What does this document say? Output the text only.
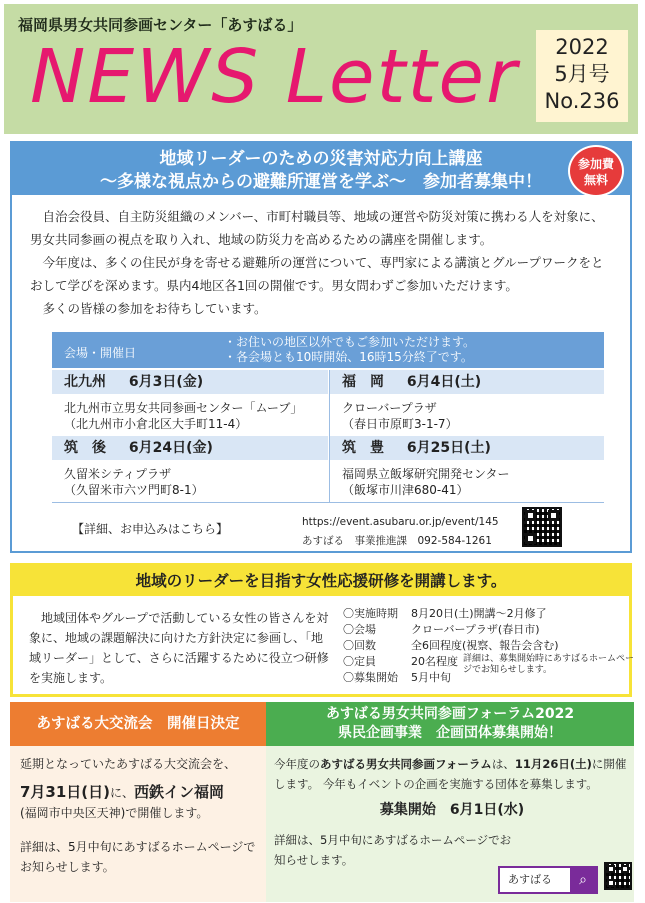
福岡県男女共同参画センター「あすばる」
NEWS Letter	2022
5月号
No.236
地域リーダーのための災害対応力向上講座
～多様な視点からの避難所運営を学ぶ～　参加者募集中！
参加費
無料

自治会役員、自主防災組織のメンバー、市町村職員等、地域の運営や防災対策に携わる人を対象に、男女共同参画の視点を取り入れ、地域の防災力を高めるための講座を開催します。

今年度は、多くの住民が身を寄せる避難所の運営について、専門家による講演とグループワークをとおして学びを深めます。県内4地区各1回の開催です。男女問わずご参加いただけます。

多くの皆様の参加をお待ちしています。

会場・開催日
・お住いの地区以外でもご参加いただけます。
・各会場とも10時開始、16時15分終了です。
北九州 6月3日(金)	福　岡 6月4日(土)
北九州市立男女共同参画センター「ムーブ」
（北九州市小倉北区大手町11-4）
クローバープラザ
（春日市原町3-1-7）
筑　後 6月24日(金)	筑　豊 6月25日(土)
久留米シティプラザ
（久留米市六ツ門町8-1）
福岡県立飯塚研究開発センター
（飯塚市川津680-41）
【詳細、お申込みはこちら】	https://event.asubaru.or.jp/event/145
あすばる　事業推進課　092-584-1261
地域のリーダーを目指す女性応援研修を開講します。

地域団体やグループで活動している女性の皆さんを対象に、地域の課題解決に向けた方針決定に参画し、「地域リーダー」として、さらに活躍するために役立つ研修を実施します。

〇実施時期	8月20日(土)開講～2月修了
〇会場	クローバープラザ(春日市)
〇回数	全6回程度(視察、報告会含む)
〇定員	20名程度
〇募集開始	5月中旬
詳細は、募集開始時にあすばるホームページでお知らせします。
あすばる大交流会　開催日決定
延期となっていたあすばる大交流会を、
7月31日(日)に、西鉄イン福岡
(福岡市中央区天神)で開催します。
詳細は、5月中旬にあすばるホームページでお知らせします。
あすばる男女共同参画フォーラム2022
県民企画事業　企画団体募集開始！
今年度のあすばる男女共同参画フォーラムは、11月26日(土)に開催します。 今年もイベントの企画を実施する団体を募集します。
募集開始　6月1日(水)
詳細は、5月中旬にあすばるホームページでお知らせします。
あすばる	⌕
